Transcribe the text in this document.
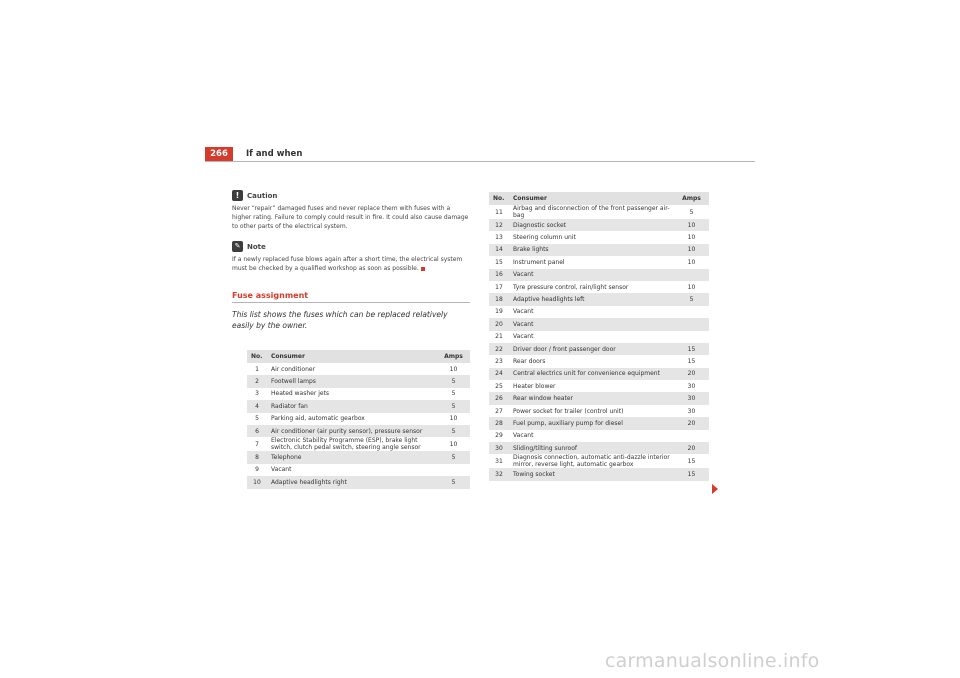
266	If and when
!	Caution
Never “repair” damaged fuses and never replace them with fuses with a higher rating. Failure to comply could result in fire. It could also cause damage to other parts of the electrical system.
✎ Note
If a newly replaced fuse blows again after a short time, the electrical system must be checked by a qualified workshop as soon as possible.
Fuse assignment
This list shows the fuses which can be replaced relatively easily by the owner.
No.	Consumer	Amps
1	Air conditioner	10
2	Footwell lamps	5
3	Heated washer jets	5
4	Radiator fan	5
5	Parking aid, automatic gearbox	10
6	Air conditioner (air purity sensor), pressure sensor	5
7	Electronic Stability Programme (ESP), brake light switch, clutch pedal switch, steering angle sensor	10
8	Telephone	5
9	Vacant	
10	Adaptive headlights right	5
No.	Consumer	Amps
11	Airbag and disconnection of the front passenger air-bag	5
12	Diagnostic socket	10
13	Steering column unit	10
14	Brake lights	10
15	Instrument panel	10
16	Vacant	
17	Tyre pressure control, rain/light sensor	10
18	Adaptive headlights left	5
19	Vacant	
20	Vacant	
21	Vacant	
22	Driver door / front passenger door	15
23	Rear doors	15
24	Central electrics unit for convenience equipment	20
25	Heater blower	30
26	Rear window heater	30
27	Power socket for trailer (control unit)	30
28	Fuel pump, auxiliary pump for diesel	20
29	Vacant	
30	Sliding/tilting sunroof	20
31	Diagnosis connection, automatic anti-dazzle interior mirror, reverse light, automatic gearbox	15
32	Towing socket	15
carmanualsonline.info
